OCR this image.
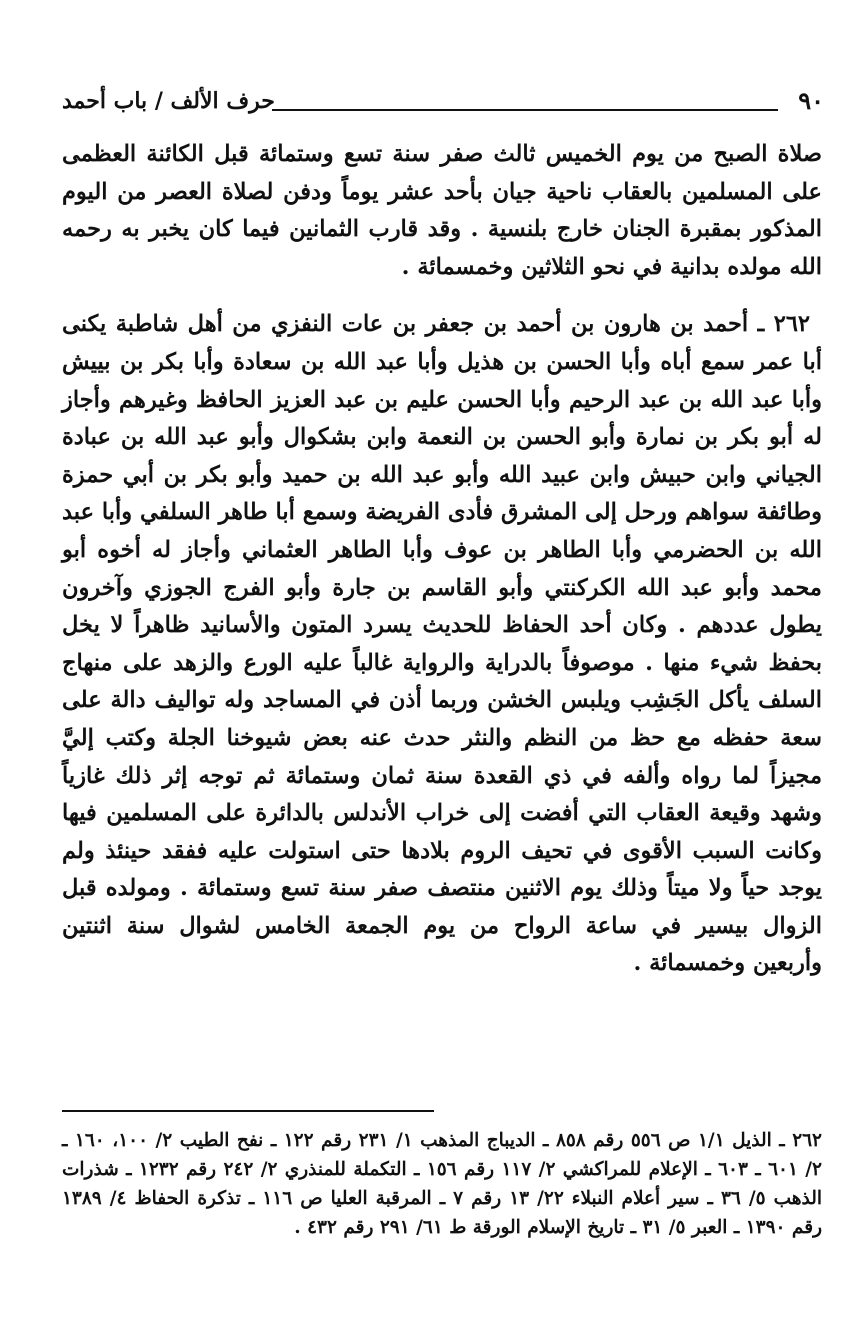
٩٠
حرف الألف / باب أحمد

صلاة الصبح من يوم الخميس ثالث صفر سنة تسع وستمائة قبل الكائنة العظمى على المسلمين بالعقاب ناحية جيان بأحد عشر يوماً ودفن لصلاة العصر من اليوم المذكور بمقبرة الجنان خارج بلنسية . وقد قارب الثمانين فيما كان يخبر به رحمه الله مولده بدانية في نحو الثلاثين وخمسمائة .

٢٦٢ ـ أحمد بن هارون بن أحمد بن جعفر بن عات النفزي من أهل شاطبة يكنى أبا عمر سمع أباه وأبا الحسن بن هذيل وأبا عبد الله بن سعادة وأبا بكر بن بييش وأبا عبد الله بن عبد الرحيم وأبا الحسن عليم بن عبد العزيز الحافظ وغيرهم وأجاز له أبو بكر بن نمارة وأبو الحسن بن النعمة وابن بشكوال وأبو عبد الله بن عبادة الجياني وابن حبيش وابن عبيد الله وأبو عبد الله بن حميد وأبو بكر بن أبي حمزة وطائفة سواهم ورحل إلى المشرق فأدى الفريضة وسمع أبا طاهر السلفي وأبا عبد الله بن الحضرمي وأبا الطاهر بن عوف وأبا الطاهر العثماني وأجاز له أخوه أبو محمد وأبو عبد الله الكركنتي وأبو القاسم بن جارة وأبو الفرج الجوزي وآخرون يطول عددهم . وكان أحد الحفاظ للحديث يسرد المتون والأسانيد ظاهراً لا يخل بحفظ شيء منها . موصوفاً بالدراية والرواية غالباً عليه الورع والزهد على منهاج السلف يأكل الجَشِب ويلبس الخشن وربما أذن في المساجد وله تواليف دالة على سعة حفظه مع حظ من النظم والنثر حدث عنه بعض شيوخنا الجلة وكتب إليَّ مجيزاً لما رواه وألفه في ذي القعدة سنة ثمان وستمائة ثم توجه إثر ذلك غازياً وشهد وقيعة العقاب التي أفضت إلى خراب الأندلس بالدائرة على المسلمين فيها وكانت السبب الأقوى في تحيف الروم بلادها حتى استولت عليه ففقد حينئذ ولم يوجد حياً ولا ميتاً وذلك يوم الاثنين منتصف صفر سنة تسع وستمائة . ومولده قبل الزوال بيسير في ساعة الرواح من يوم الجمعة الخامس لشوال سنة اثنتين وأربعين وخمسمائة .

٢٦٢ ـ الذيل ١/١ ص ٥٥٦ رقم ٨٥٨ ـ الديباج المذهب ١/ ٢٣١ رقم ١٢٢ ـ نفح الطيب ٢/ ١٠٠، ١٦٠ ـ ٢/ ٦٠١ ـ ٦٠٣ ـ الإعلام للمراكشي ٢/ ١١٧ رقم ١٥٦ ـ التكملة للمنذري ٢/ ٢٤٢ رقم ١٢٣٢ ـ شذرات الذهب ٥/ ٣٦ ـ سير أعلام النبلاء ٢٢/ ١٣ رقم ٧ ـ المرقبة العليا ص ١١٦ ـ تذكرة الحفاظ ٤/ ١٣٨٩ رقم ١٣٩٠ ـ العبر ٥/ ٣١ ـ تاريخ الإسلام الورقة ط ٦١/ ٢٩١ رقم ٤٣٢ .
